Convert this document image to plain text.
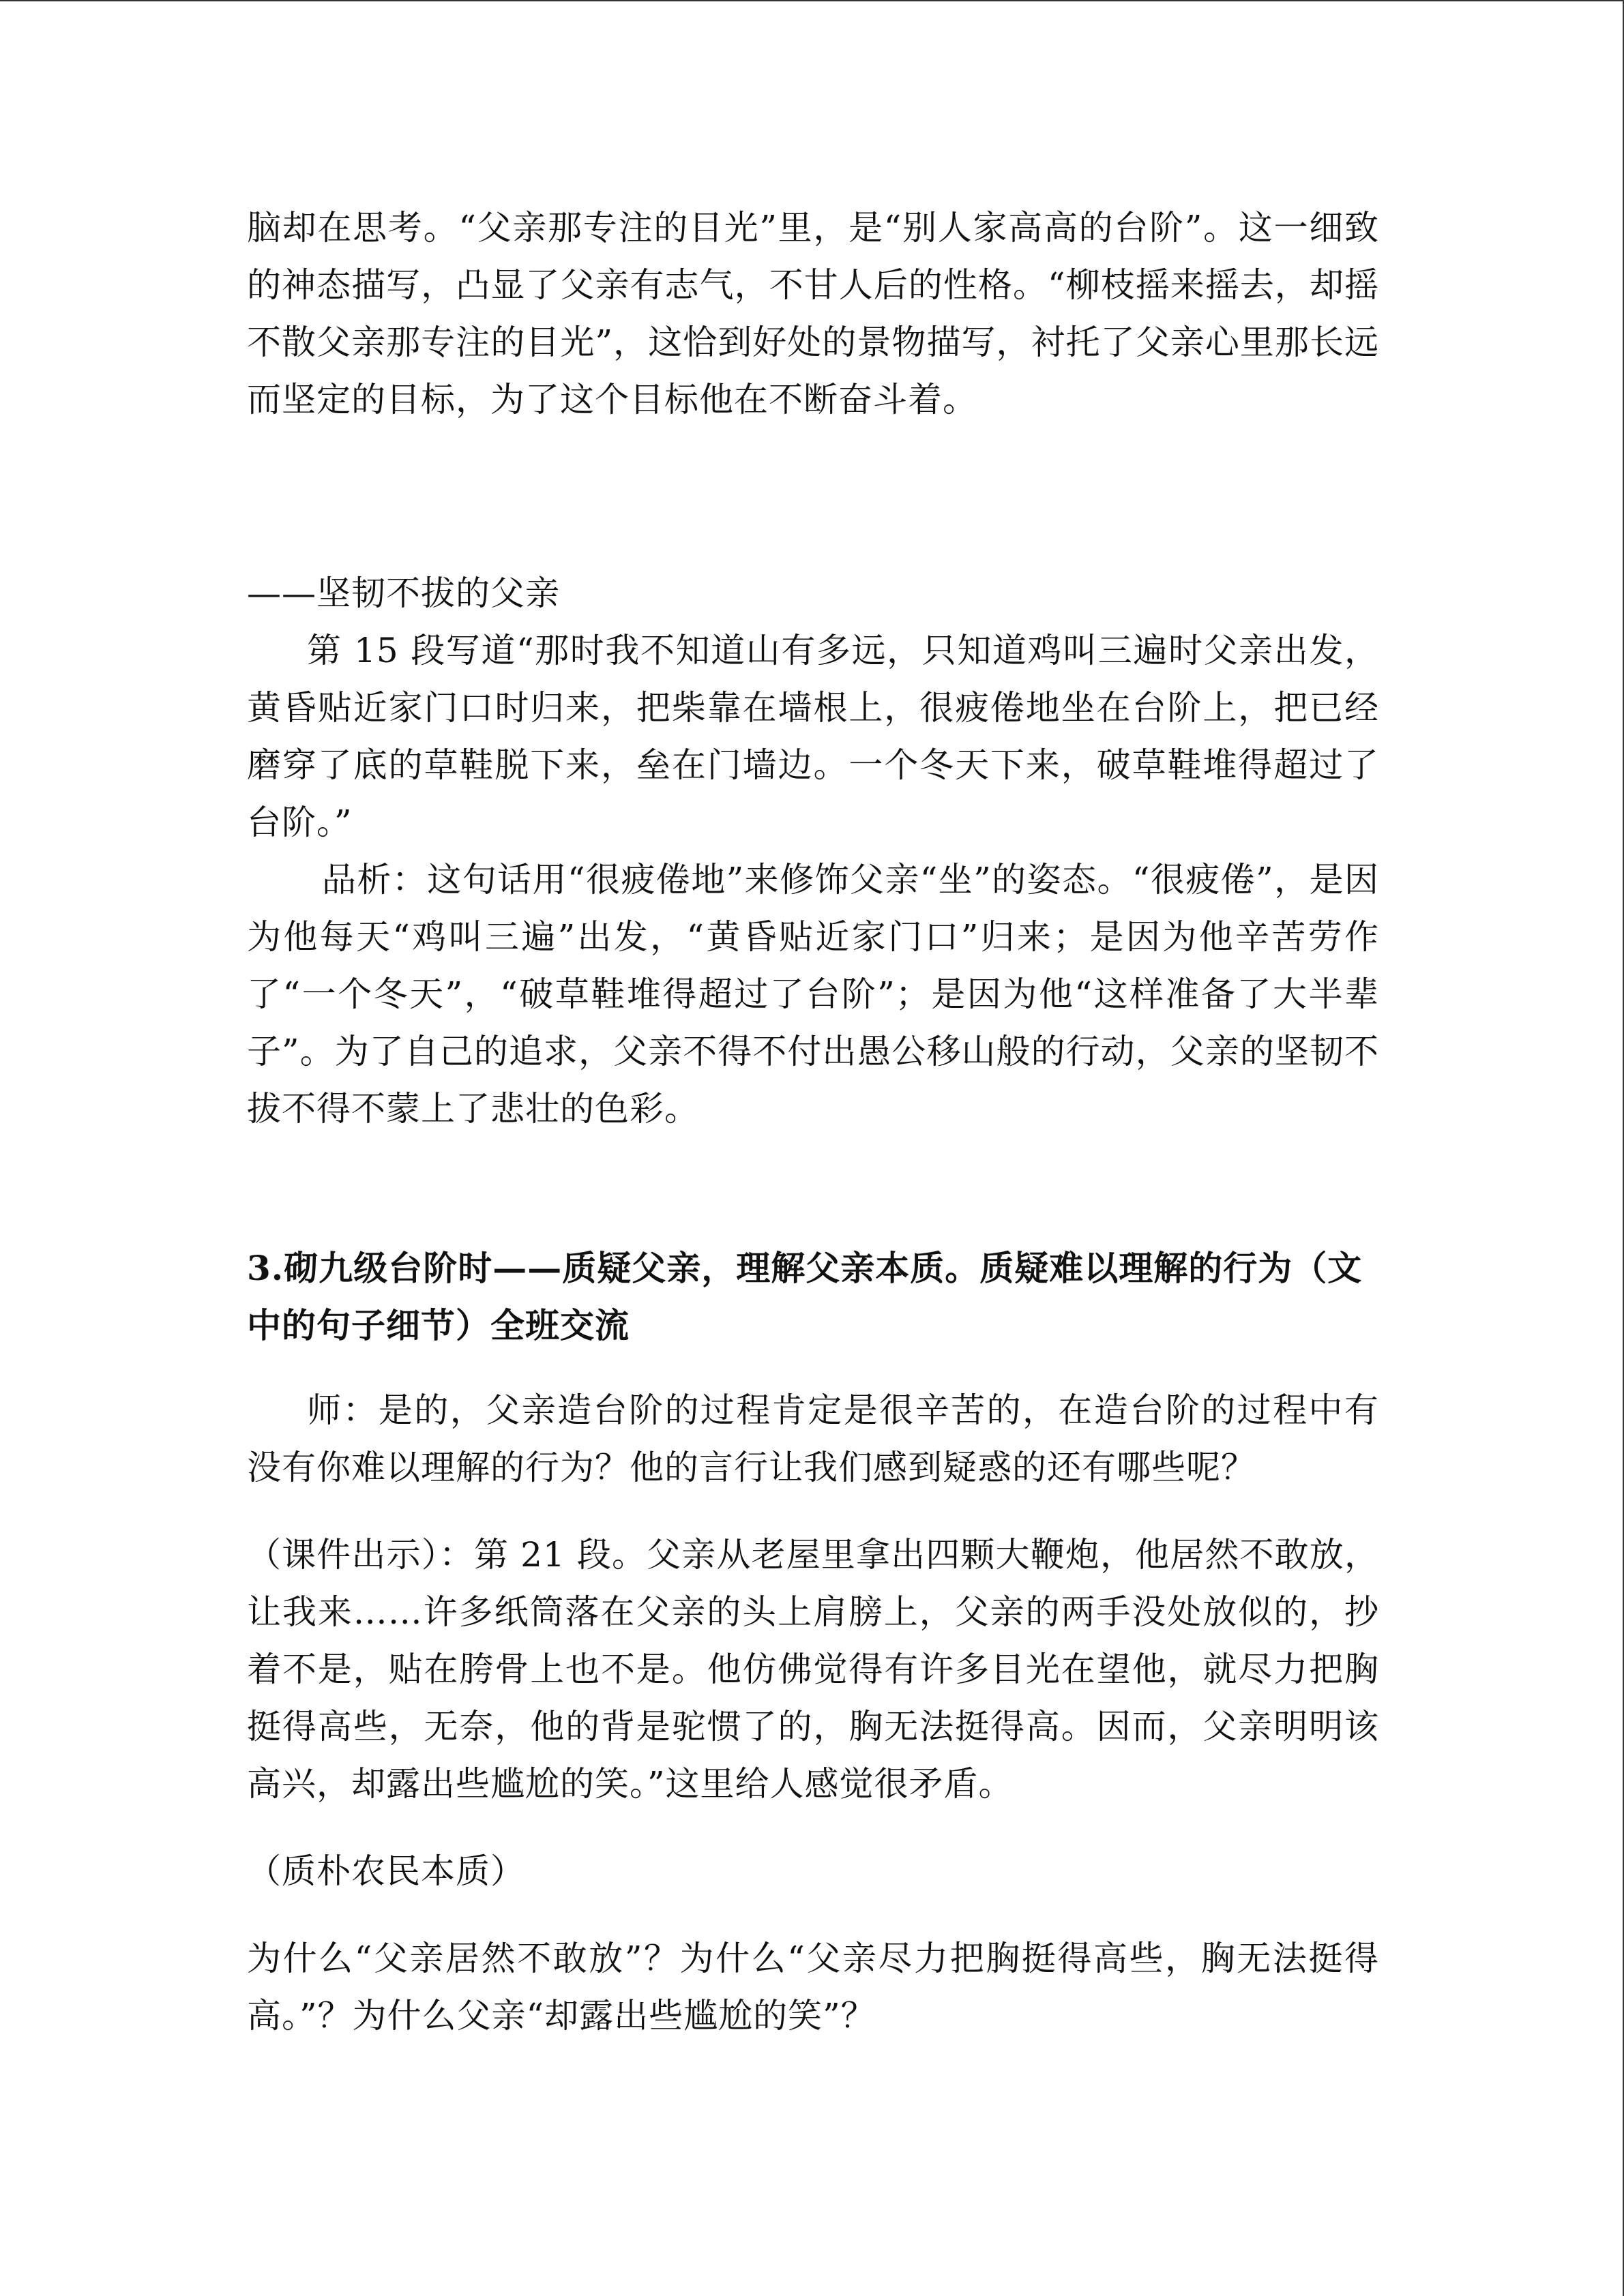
脑却在思考。“父亲那专注的目光”里，是“别人家高高的台阶”。这一细致的神态描写，凸显了父亲有志气，不甘人后的性格。“柳枝摇来摇去，却摇不散父亲那专注的目光”，这恰到好处的景物描写，衬托了父亲心里那长远而坚定的目标，为了这个目标他在不断奋斗着。

——坚韧不拔的父亲

第 15 段写道“那时我不知道山有多远，只知道鸡叫三遍时父亲出发，黄昏贴近家门口时归来，把柴靠在墙根上，很疲倦地坐在台阶上，把已经磨穿了底的草鞋脱下来，垒在门墙边。一个冬天下来，破草鞋堆得超过了台阶。”

品析：这句话用“很疲倦地”来修饰父亲“坐”的姿态。“很疲倦”，是因为他每天“鸡叫三遍”出发，“黄昏贴近家门口”归来；是因为他辛苦劳作了“一个冬天”，“破草鞋堆得超过了台阶”；是因为他“这样准备了大半辈子”。为了自己的追求，父亲不得不付出愚公移山般的行动，父亲的坚韧不拔不得不蒙上了悲壮的色彩。

3.砌九级台阶时——质疑父亲，理解父亲本质。质疑难以理解的行为（文中的句子细节）全班交流

师：是的，父亲造台阶的过程肯定是很辛苦的，在造台阶的过程中有没有你难以理解的行为？他的言行让我们感到疑惑的还有哪些呢？

（课件出示）：第 21 段。父亲从老屋里拿出四颗大鞭炮，他居然不敢放，让我来……许多纸筒落在父亲的头上肩膀上，父亲的两手没处放似的，抄着不是，贴在胯骨上也不是。他仿佛觉得有许多目光在望他，就尽力把胸挺得高些，无奈，他的背是驼惯了的，胸无法挺得高。因而，父亲明明该高兴，却露出些尴尬的笑。”这里给人感觉很矛盾。

（质朴农民本质）

为什么“父亲居然不敢放”？为什么“父亲尽力把胸挺得高些，胸无法挺得高。”？为什么父亲“却露出些尴尬的笑”？
